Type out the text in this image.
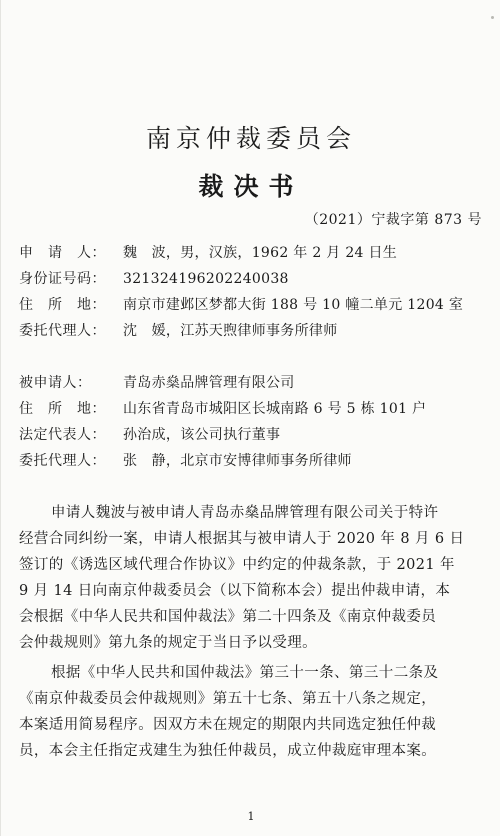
南京仲裁委员会
裁决书
（2021）宁裁字第 873 号
申　请　人：	魏　波，男，汉族，1962 年 2 月 24 日生
身份证号码：	321324196202240038
住　所　地：	南京市建邺区梦都大街 188 号 10 幢二单元 1204 室
委托代理人：	沈　媛，江苏天煦律师事务所律师
被申请人：	青岛赤燊品牌管理有限公司
住　所　地：	山东省青岛市城阳区长城南路 6 号 5 栋 101 户
法定代表人：	孙治成，该公司执行董事
委托代理人：	张　静，北京市安博律师事务所律师
申请人魏波与被申请人青岛赤燊品牌管理有限公司关于特许
经营合同纠纷一案，申请人根据其与被申请人于 2020 年 8 月 6 日
签订的《诱选区域代理合作协议》中约定的仲裁条款，于 2021 年
9 月 14 日向南京仲裁委员会（以下简称本会）提出仲裁申请，本
会根据《中华人民共和国仲裁法》第二十四条及《南京仲裁委员
会仲裁规则》第九条的规定于当日予以受理。
根据《中华人民共和国仲裁法》第三十一条、第三十二条及
《南京仲裁委员会仲裁规则》第五十七条、第五十八条之规定，
本案适用简易程序。因双方未在规定的期限内共同选定独任仲裁
员，本会主任指定戎建生为独任仲裁员，成立仲裁庭审理本案。
1
